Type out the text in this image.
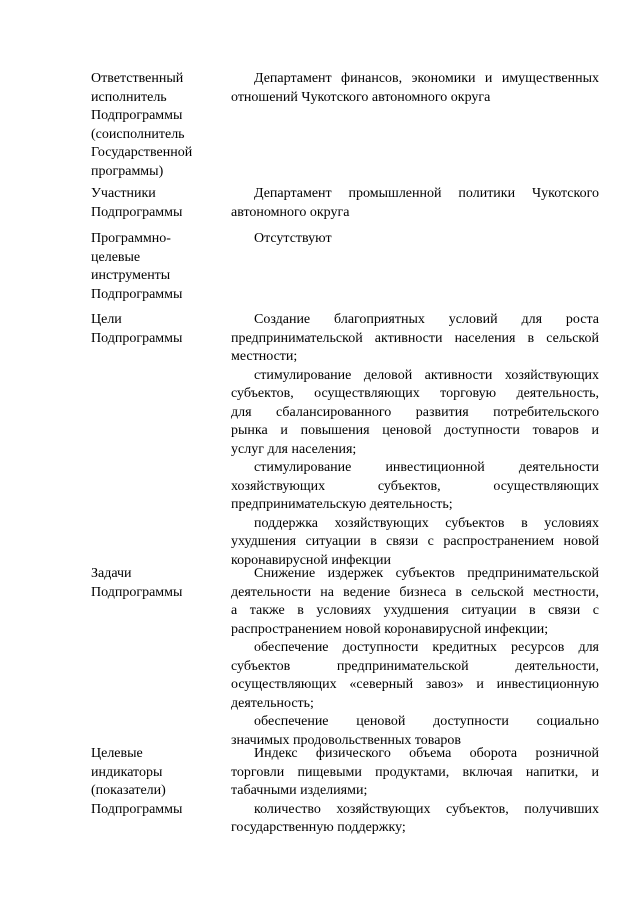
Ответственный
исполнитель
Подпрограммы
(соисполнитель
Государственной
программы)
Департамент финансов, экономики и имущественных
отношений Чукотского автономного округа
Участники
Подпрограммы
Департамент промышленной политики Чукотского
автономного округа
Программно-
целевые
инструменты
Подпрограммы
Отсутствуют
Цели
Подпрограммы
Создание благоприятных условий для роста
предпринимательской активности населения в сельской
местности;
стимулирование деловой активности хозяйствующих
субъектов, осуществляющих торговую деятельность,
для сбалансированного развития потребительского
рынка и повышения ценовой доступности товаров и
услуг для населения;
стимулирование инвестиционной деятельности
хозяйствующих субъектов, осуществляющих
предпринимательскую деятельность;
поддержка хозяйствующих субъектов в условиях
ухудшения ситуации в связи с распространением новой
коронавирусной инфекции
Задачи
Подпрограммы
Снижение издержек субъектов предпринимательской
деятельности на ведение бизнеса в сельской местности,
а также в условиях ухудшения ситуации в связи с
распространением новой коронавирусной инфекции;
обеспечение доступности кредитных ресурсов для
субъектов предпринимательской деятельности,
осуществляющих «северный завоз» и инвестиционную
деятельность;
обеспечение ценовой доступности социально
значимых продовольственных товаров
Целевые
индикаторы
(показатели)
Подпрограммы
Индекс физического объема оборота розничной
торговли пищевыми продуктами, включая напитки, и
табачными изделиями;
количество хозяйствующих субъектов, получивших
государственную поддержку;
